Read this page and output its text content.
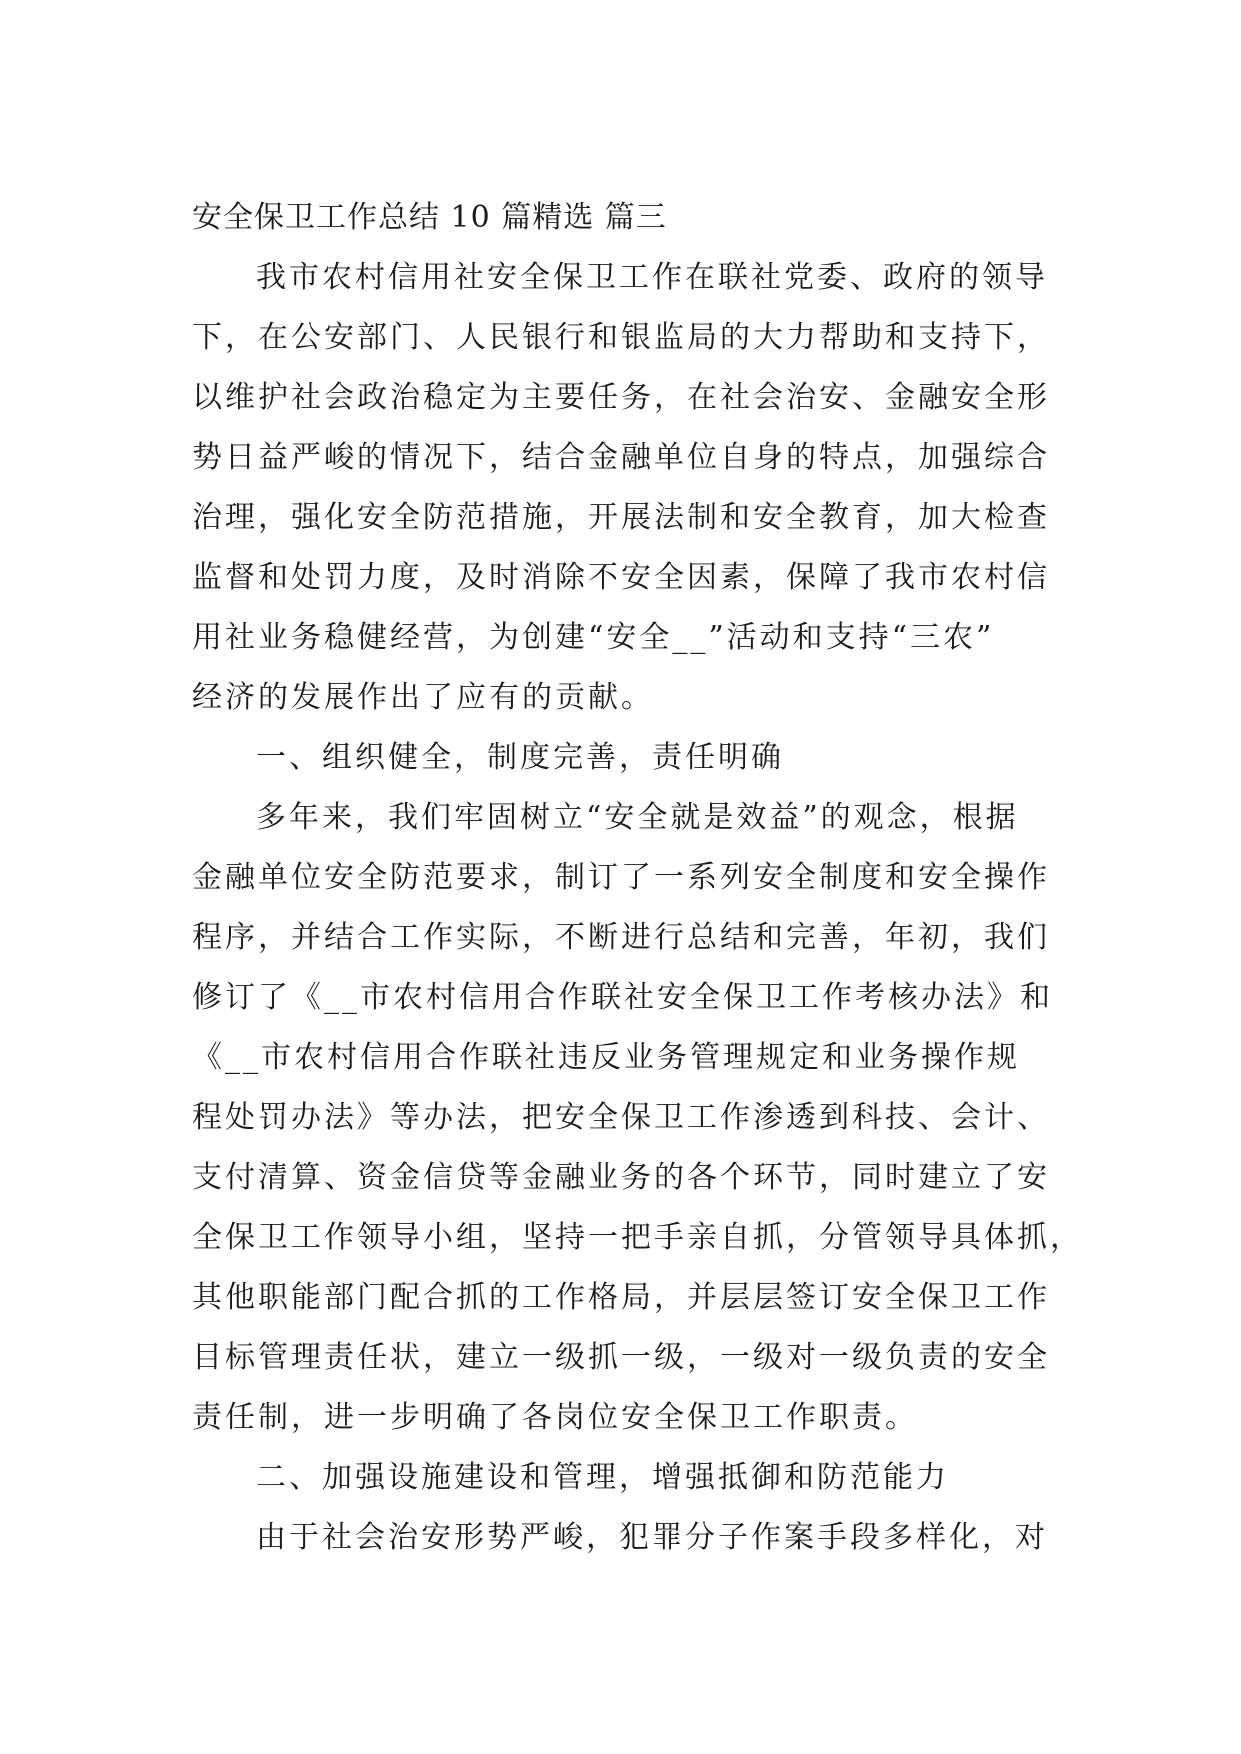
安全保卫工作总结 10 篇精选 篇三
我市农村信用社安全保卫工作在联社党委、政府的领导
下，在公安部门、人民银行和银监局的大力帮助和支持下，
以维护社会政治稳定为主要任务，在社会治安、金融安全形
势日益严峻的情况下，结合金融单位自身的特点，加强综合
治理，强化安全防范措施，开展法制和安全教育，加大检查
监督和处罚力度，及时消除不安全因素，保障了我市农村信
用社业务稳健经营，为创建“安全__”活动和支持“三农”
经济的发展作出了应有的贡献。
一、组织健全，制度完善，责任明确
多年来，我们牢固树立“安全就是效益”的观念，根据
金融单位安全防范要求，制订了一系列安全制度和安全操作
程序，并结合工作实际，不断进行总结和完善，年初，我们
修订了《__市农村信用合作联社安全保卫工作考核办法》和
《__市农村信用合作联社违反业务管理规定和业务操作规
程处罚办法》等办法，把安全保卫工作渗透到科技、会计、
支付清算、资金信贷等金融业务的各个环节，同时建立了安
全保卫工作领导小组，坚持一把手亲自抓，分管领导具体抓，
其他职能部门配合抓的工作格局，并层层签订安全保卫工作
目标管理责任状，建立一级抓一级，一级对一级负责的安全
责任制，进一步明确了各岗位安全保卫工作职责。
二、加强设施建设和管理，增强抵御和防范能力
由于社会治安形势严峻，犯罪分子作案手段多样化，对
